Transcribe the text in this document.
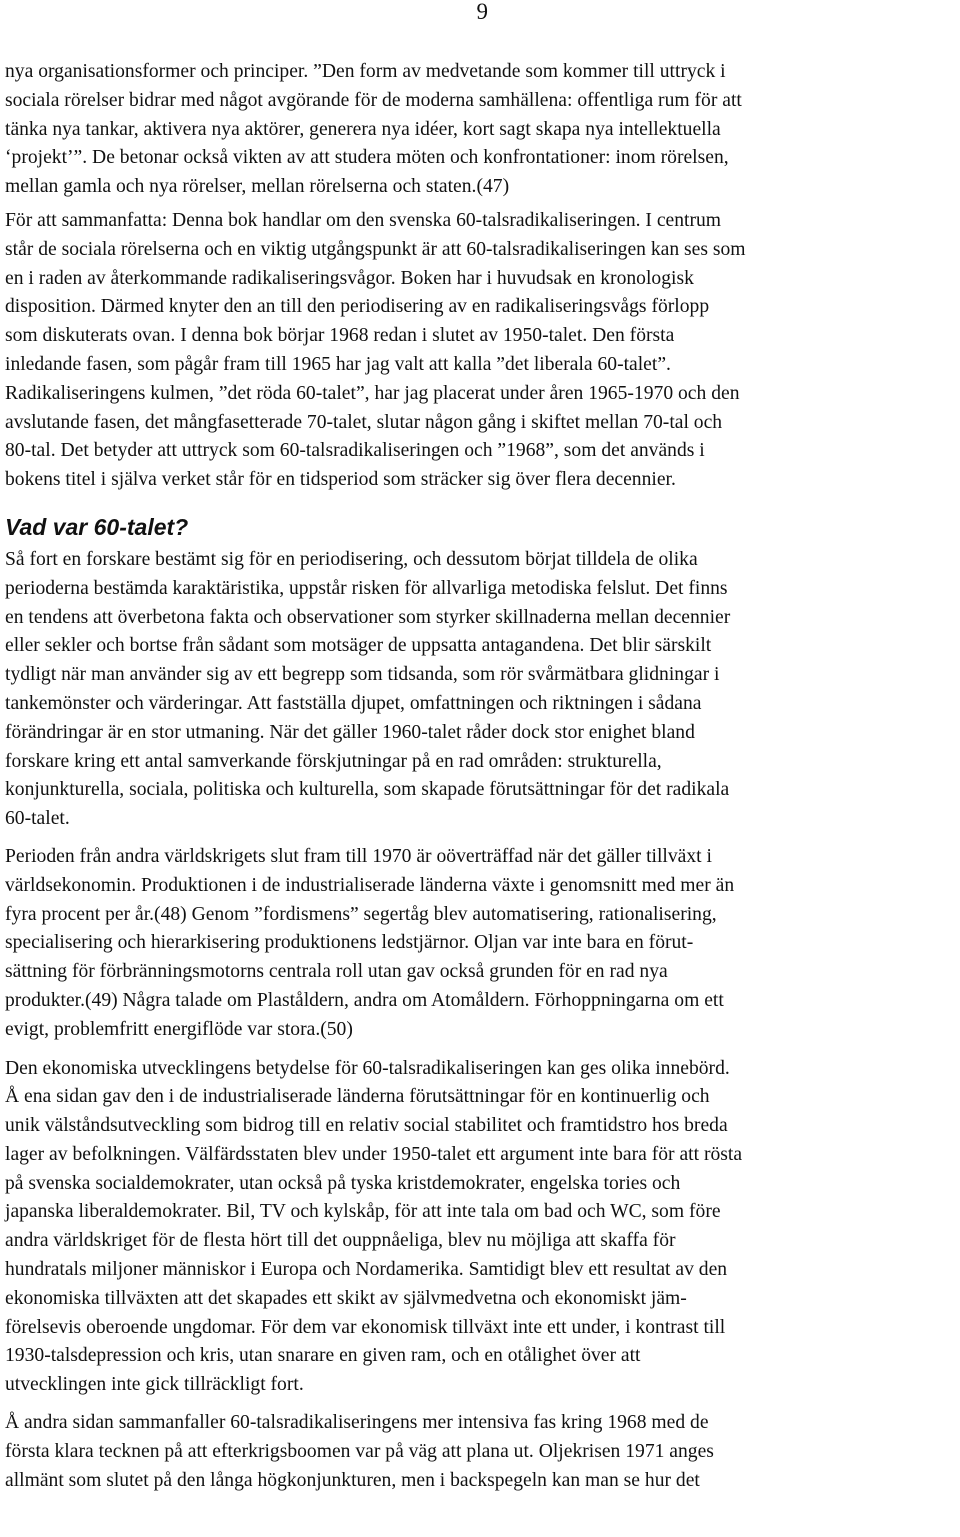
9

nya organisationsformer och principer. ”Den form av medvetande som kommer till uttryck i
sociala rörelser bidrar med något avgörande för de moderna samhällena: offentliga rum för att
tänka nya tankar, aktivera nya aktörer, generera nya idéer, kort sagt skapa nya intellektuella
‘projekt’”. De betonar också vikten av att studera möten och konfrontationer: inom rörelsen,
mellan gamla och nya rörelser, mellan rörelserna och staten.(47)

För att sammanfatta: Denna bok handlar om den svenska 60-talsradikaliseringen. I centrum
står de sociala rörelserna och en viktig utgångspunkt är att 60-talsradikaliseringen kan ses som
en i raden av återkommande radikaliseringsvågor. Boken har i huvudsak en kronologisk
disposition. Därmed knyter den an till den periodisering av en radikaliseringsvågs förlopp
som diskuterats ovan. I denna bok börjar 1968 redan i slutet av 1950-talet. Den första
inledande fasen, som pågår fram till 1965 har jag valt att kalla ”det liberala 60-talet”.
Radikaliseringens kulmen, ”det röda 60-talet”, har jag placerat under åren 1965-1970 och den
avslutande fasen, det mångfasetterade 70-talet, slutar någon gång i skiftet mellan 70-tal och
80-tal. Det betyder att uttryck som 60-talsradikaliseringen och ”1968”, som det används i
bokens titel i själva verket står för en tidsperiod som sträcker sig över flera decennier.

Vad var 60-talet?

Så fort en forskare bestämt sig för en periodisering, och dessutom börjat tilldela de olika
perioderna bestämda karaktäristika, uppstår risken för allvarliga metodiska felslut. Det finns
en tendens att överbetona fakta och observationer som styrker skillnaderna mellan decennier
eller sekler och bortse från sådant som motsäger de uppsatta antagandena. Det blir särskilt
tydligt när man använder sig av ett begrepp som tidsanda, som rör svårmätbara glidningar i
tankemönster och värderingar. Att fastställa djupet, omfattningen och riktningen i sådana
förändringar är en stor utmaning. När det gäller 1960-talet råder dock stor enighet bland
forskare kring ett antal samverkande förskjutningar på en rad områden: strukturella,
konjunkturella, sociala, politiska och kulturella, som skapade förutsättningar för det radikala
60-talet.

Perioden från andra världskrigets slut fram till 1970 är oöverträffad när det gäller tillväxt i
världsekonomin. Produktionen i de industrialiserade länderna växte i genomsnitt med mer än
fyra procent per år.(48) Genom ”fordismens” segertåg blev automatisering, rationalisering,
specialisering och hierarkisering produktionens ledstjärnor. Oljan var inte bara en förut-
sättning för förbränningsmotorns centrala roll utan gav också grunden för en rad nya
produkter.(49) Några talade om Plaståldern, andra om Atomåldern. Förhoppningarna om ett
evigt, problemfritt energiflöde var stora.(50)

Den ekonomiska utvecklingens betydelse för 60-talsradikaliseringen kan ges olika innebörd.
Å ena sidan gav den i de industrialiserade länderna förutsättningar för en kontinuerlig och
unik välståndsutveckling som bidrog till en relativ social stabilitet och framtidstro hos breda
lager av befolkningen. Välfärdsstaten blev under 1950-talet ett argument inte bara för att rösta
på svenska socialdemokrater, utan också på tyska kristdemokrater, engelska tories och
japanska liberaldemokrater. Bil, TV och kylskåp, för att inte tala om bad och WC, som före
andra världskriget för de flesta hört till det ouppnåeliga, blev nu möjliga att skaffa för
hundratals miljoner människor i Europa och Nordamerika. Samtidigt blev ett resultat av den
ekonomiska tillväxten att det skapades ett skikt av självmedvetna och ekonomiskt jäm-
förelsevis oberoende ungdomar. För dem var ekonomisk tillväxt inte ett under, i kontrast till
1930-talsdepression och kris, utan snarare en given ram, och en otålighet över att
utvecklingen inte gick tillräckligt fort.

Å andra sidan sammanfaller 60-talsradikaliseringens mer intensiva fas kring 1968 med de
första klara tecknen på att efterkrigsboomen var på väg att plana ut. Oljekrisen 1971 anges
allmänt som slutet på den långa högkonjunkturen, men i backspegeln kan man se hur det
